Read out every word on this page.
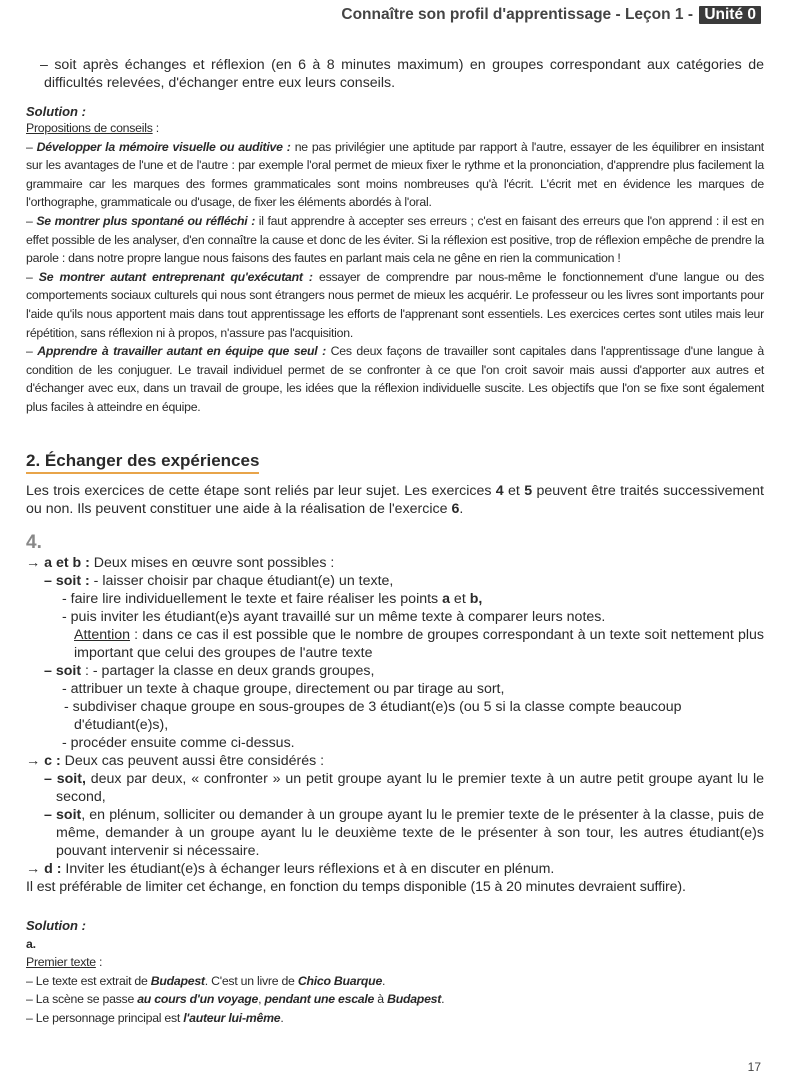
Connaître son profil d'apprentissage - Leçon 1 - Unité 0

– soit après échanges et réflexion (en 6 à 8 minutes maximum) en groupes correspondant aux catégories de difficultés relevées, d'échanger entre eux leurs conseils.

Solution :

Propositions de conseils :

– Développer la mémoire visuelle ou auditive : ne pas privilégier une aptitude par rapport à l'autre, essayer de les équilibrer en insistant sur les avantages de l'une et de l'autre : par exemple l'oral permet de mieux fixer le rythme et la prononciation, d'apprendre plus facilement la grammaire car les marques des formes grammaticales sont moins nombreuses qu'à l'écrit. L'écrit met en évidence les marques de l'orthographe, grammaticale ou d'usage, de fixer les éléments abordés à l'oral.

– Se montrer plus spontané ou réfléchi : il faut apprendre à accepter ses erreurs ; c'est en faisant des erreurs que l'on apprend : il est en effet possible de les analyser, d'en connaître la cause et donc de les éviter. Si la réflexion est positive, trop de réflexion empêche de prendre la parole : dans notre propre langue nous faisons des fautes en parlant mais cela ne gêne en rien la communication !

– Se montrer autant entreprenant qu'exécutant : essayer de comprendre par nous-même le fonctionnement d'une langue ou des comportements sociaux culturels qui nous sont étrangers nous permet de mieux les acquérir. Le professeur ou les livres sont importants pour l'aide qu'ils nous apportent mais dans tout apprentissage les efforts de l'apprenant sont essentiels. Les exercices certes sont utiles mais leur répétition, sans réflexion ni à propos, n'assure pas l'acquisition.

– Apprendre à travailler autant en équipe que seul : Ces deux façons de travailler sont capitales dans l'apprentissage d'une langue à condition de les conjuguer. Le travail individuel permet de se confronter à ce que l'on croit savoir mais aussi d'apporter aux autres et d'échanger avec eux, dans un travail de groupe, les idées que la réflexion individuelle suscite. Les objectifs que l'on se fixe sont également plus faciles à atteindre en équipe.

2. Échanger des expériences

Les trois exercices de cette étape sont reliés par leur sujet. Les exercices 4 et 5 peuvent être traités successivement ou non. Ils peuvent constituer une aide à la réalisation de l'exercice 6.

4.

→ a et b : Deux mises en œuvre sont possibles :

– soit : - laisser choisir par chaque étudiant(e) un texte,

- faire lire individuellement le texte et faire réaliser les points a et b,

- puis inviter les étudiant(e)s ayant travaillé sur un même texte à comparer leurs notes.

Attention : dans ce cas il est possible que le nombre de groupes correspondant à un texte soit nettement plus important que celui des groupes de l'autre texte

– soit : - partager la classe en deux grands groupes,

- attribuer un texte à chaque groupe, directement ou par tirage au sort,

- subdiviser chaque groupe en sous-groupes de 3 étudiant(e)s (ou 5 si la classe compte beaucoup d'étudiant(e)s),

- procéder ensuite comme ci-dessus.

→ c : Deux cas peuvent aussi être considérés :

– soit, deux par deux, « confronter » un petit groupe ayant lu le premier texte à un autre petit groupe ayant lu le second,

– soit, en plénum, solliciter ou demander à un groupe ayant lu le premier texte de le présenter à la classe, puis de même, demander à un groupe ayant lu le deuxième texte de le présenter à son tour, les autres étudiant(e)s pouvant intervenir si nécessaire.

→ d : Inviter les étudiant(e)s à échanger leurs réflexions et à en discuter en plénum.

Il est préférable de limiter cet échange, en fonction du temps disponible (15 à 20 minutes devraient suffire).

Solution :

a.

Premier texte :

– Le texte est extrait de Budapest. C'est un livre de Chico Buarque.

– La scène se passe au cours d'un voyage, pendant une escale à Budapest.

– Le personnage principal est l'auteur lui-même.

17
